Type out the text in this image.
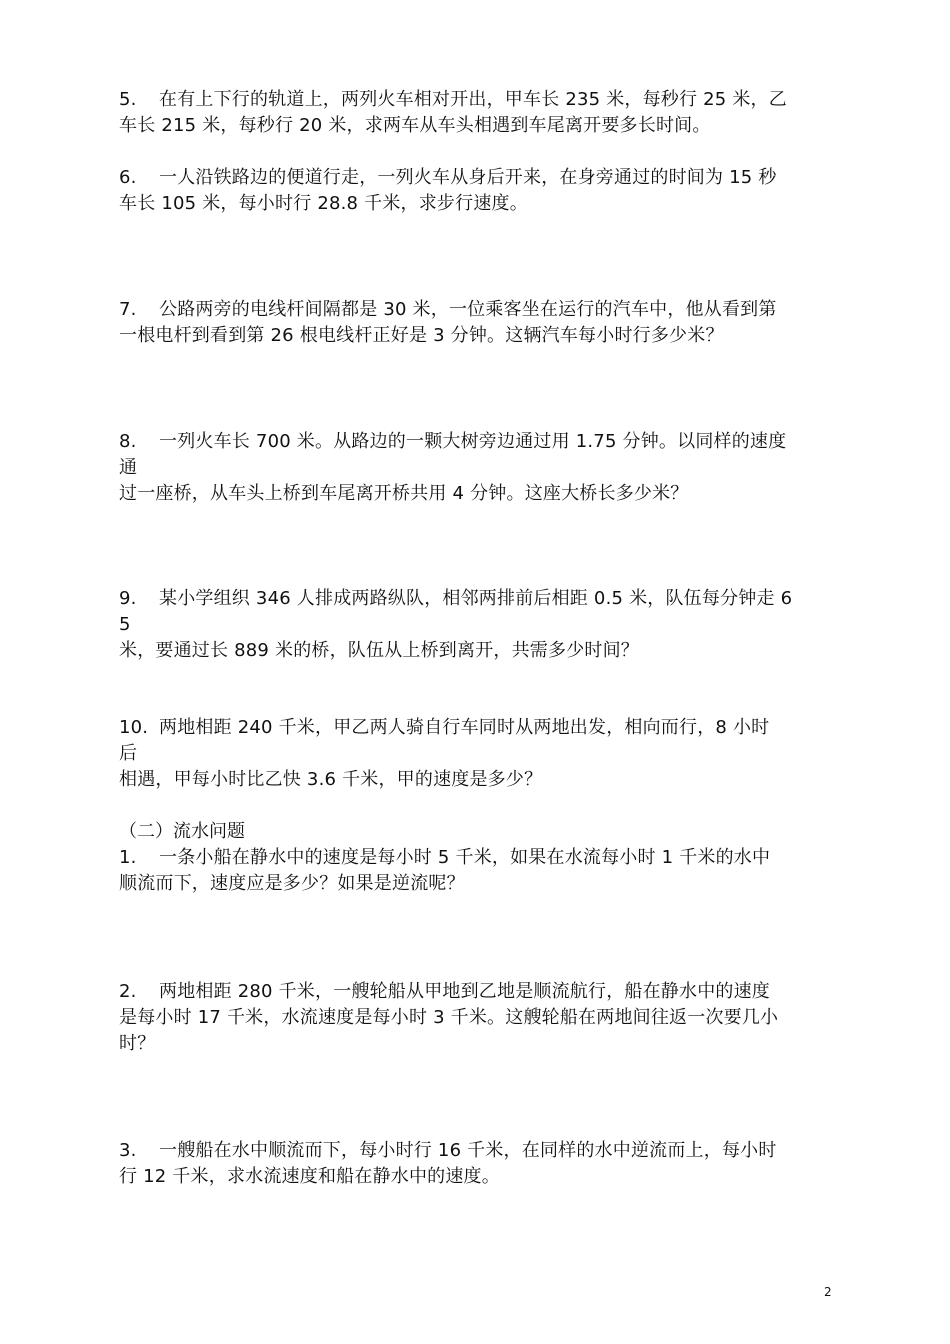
5. 在有上下行的轨道上，两列火车相对开出，甲车长 235 米，每秒行 25 米，乙
车长 215 米，每秒行 20 米，求两车从车头相遇到车尾离开要多长时间。
6. 一人沿铁路边的便道行走，一列火车从身后开来，在身旁通过的时间为 15 秒
车长 105 米，每小时行 28.8 千米，求步行速度。
7. 公路两旁的电线杆间隔都是 30 米，一位乘客坐在运行的汽车中，他从看到第
一根电杆到看到第 26 根电线杆正好是 3 分钟。这辆汽车每小时行多少米？
8. 一列火车长 700 米。从路边的一颗大树旁边通过用 1.75 分钟。以同样的速度
通
过一座桥，从车头上桥到车尾离开桥共用 4 分钟。这座大桥长多少米？
9. 某小学组织 346 人排成两路纵队，相邻两排前后相距 0.5 米，队伍每分钟走 6
5
米，要通过长 889 米的桥，队伍从上桥到离开，共需多少时间？
10. 两地相距 240 千米，甲乙两人骑自行车同时从两地出发，相向而行，8 小时
后
相遇，甲每小时比乙快 3.6 千米，甲的速度是多少？
（二）流水问题
1. 一条小船在静水中的速度是每小时 5 千米，如果在水流每小时 1 千米的水中
顺流而下，速度应是多少？如果是逆流呢？
2. 两地相距 280 千米，一艘轮船从甲地到乙地是顺流航行，船在静水中的速度
是每小时 17 千米，水流速度是每小时 3 千米。这艘轮船在两地间往返一次要几小
时？
3. 一艘船在水中顺流而下，每小时行 16 千米，在同样的水中逆流而上，每小时
行 12 千米，求水流速度和船在静水中的速度。
2
